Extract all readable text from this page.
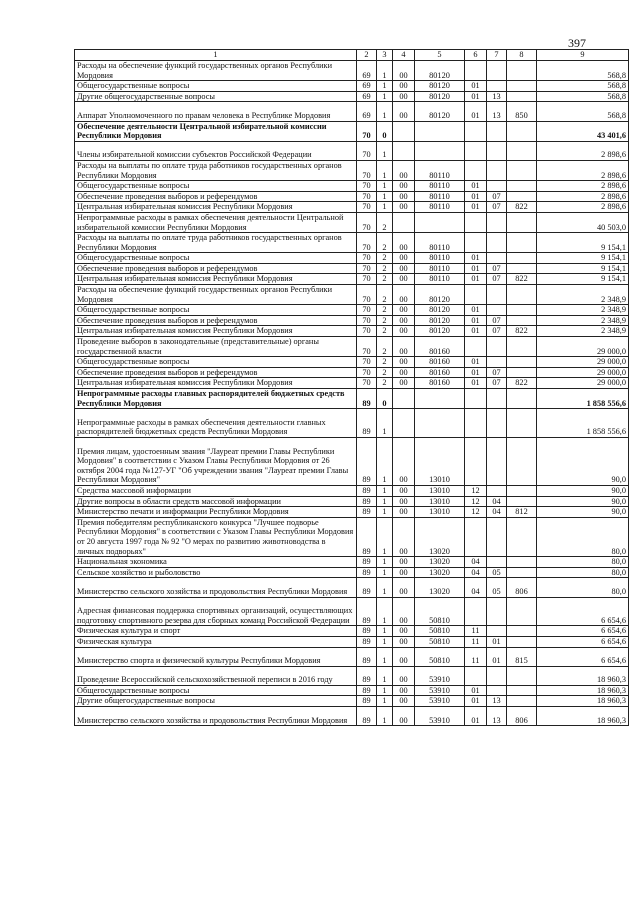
397
1	2	3	4	5	6	7	8	9
Расходы на обеспечение функций государственных органов Республики Мордовия	69	1	00	80120				568,8
Общегосударственные вопросы	69	1	00	80120	01			568,8
Другие общегосударственные вопросы	69	1	00	80120	01	13		568,8
Аппарат Уполномоченного по правам человека в Республике Мордовия	69	1	00	80120	01	13	850	568,8
Обеспечение деятельности Центральной избирательной комиссии Республики Мордовия	70	0						43 401,6
Члены избирательной комиссии субъектов Российской Федерации	70	1						2 898,6
Расходы на выплаты по оплате труда работников государственных органов Республики Мордовия	70	1	00	80110				2 898,6
Общегосударственные вопросы	70	1	00	80110	01			2 898,6
Обеспечение проведения выборов и референдумов	70	1	00	80110	01	07		2 898,6
Центральная избирательная комиссия Республики Мордовия	70	1	00	80110	01	07	822	2 898,6
Непрограммные расходы в рамках обеспечения деятельности Центральной избирательной комиссии Республики Мордовия	70	2						40 503,0
Расходы на выплаты по оплате труда работников государственных органов Республики Мордовия	70	2	00	80110				9 154,1
Общегосударственные вопросы	70	2	00	80110	01			9 154,1
Обеспечение проведения выборов и референдумов	70	2	00	80110	01	07		9 154,1
Центральная избирательная комиссия Республики Мордовия	70	2	00	80110	01	07	822	9 154,1
Расходы на обеспечение функций государственных органов Республики Мордовия	70	2	00	80120				2 348,9
Общегосударственные вопросы	70	2	00	80120	01			2 348,9
Обеспечение проведения выборов и референдумов	70	2	00	80120	01	07		2 348,9
Центральная избирательная комиссия Республики Мордовия	70	2	00	80120	01	07	822	2 348,9
Проведение выборов в законодательные (представительные) органы государственной власти	70	2	00	80160				29 000,0
Общегосударственные вопросы	70	2	00	80160	01			29 000,0
Обеспечение проведения выборов и референдумов	70	2	00	80160	01	07		29 000,0
Центральная избирательная комиссия Республики Мордовия	70	2	00	80160	01	07	822	29 000,0
Непрограммные расходы главных распорядителей бюджетных средств Республики Мордовия	89	0						1 858 556,6
Непрограммные расходы в рамках обеспечения деятельности главных распорядителей бюджетных средств Республики Мордовия	89	1						1 858 556,6
Премия лицам, удостоенным звания "Лауреат премии Главы Республики Мордовия" в соответствии с Указом Главы Республики Мордовия от 26 октября 2004 года №127-УГ "Об учреждении звания "Лауреат премии Главы Республики Мордовия"	89	1	00	13010				90,0
Средства массовой информации	89	1	00	13010	12			90,0
Другие вопросы в области средств массовой информации	89	1	00	13010	12	04		90,0
Министерство печати и информации Республики Мордовия	89	1	00	13010	12	04	812	90,0
Премия победителям республиканского конкурса "Лучшее подворье Республики Мордовия" в соответствии с Указом Главы Республики Мордовия от 20 августа 1997 года № 92 "О мерах по развитию животноводства в личных подворьях"	89	1	00	13020				80,0
Национальная экономика	89	1	00	13020	04			80,0
Сельское хозяйство и рыболовство	89	1	00	13020	04	05		80,0
Министерство сельского хозяйства и продовольствия Республики Мордовия	89	1	00	13020	04	05	806	80,0
Адресная финансовая поддержка спортивных организаций, осуществляющих подготовку спортивного резерва для сборных команд Российской Федерации	89	1	00	50810				6 654,6
Физическая культура и спорт	89	1	00	50810	11			6 654,6
Физическая культура	89	1	00	50810	11	01		6 654,6
Министерство спорта и физической культуры Республики Мордовия	89	1	00	50810	11	01	815	6 654,6
Проведение Всероссийской сельскохозяйственной переписи в 2016 году	89	1	00	53910				18 960,3
Общегосударственные вопросы	89	1	00	53910	01			18 960,3
Другие общегосударственные вопросы	89	1	00	53910	01	13		18 960,3
Министерство сельского хозяйства и продовольствия Республики Мордовия	89	1	00	53910	01	13	806	18 960,3
